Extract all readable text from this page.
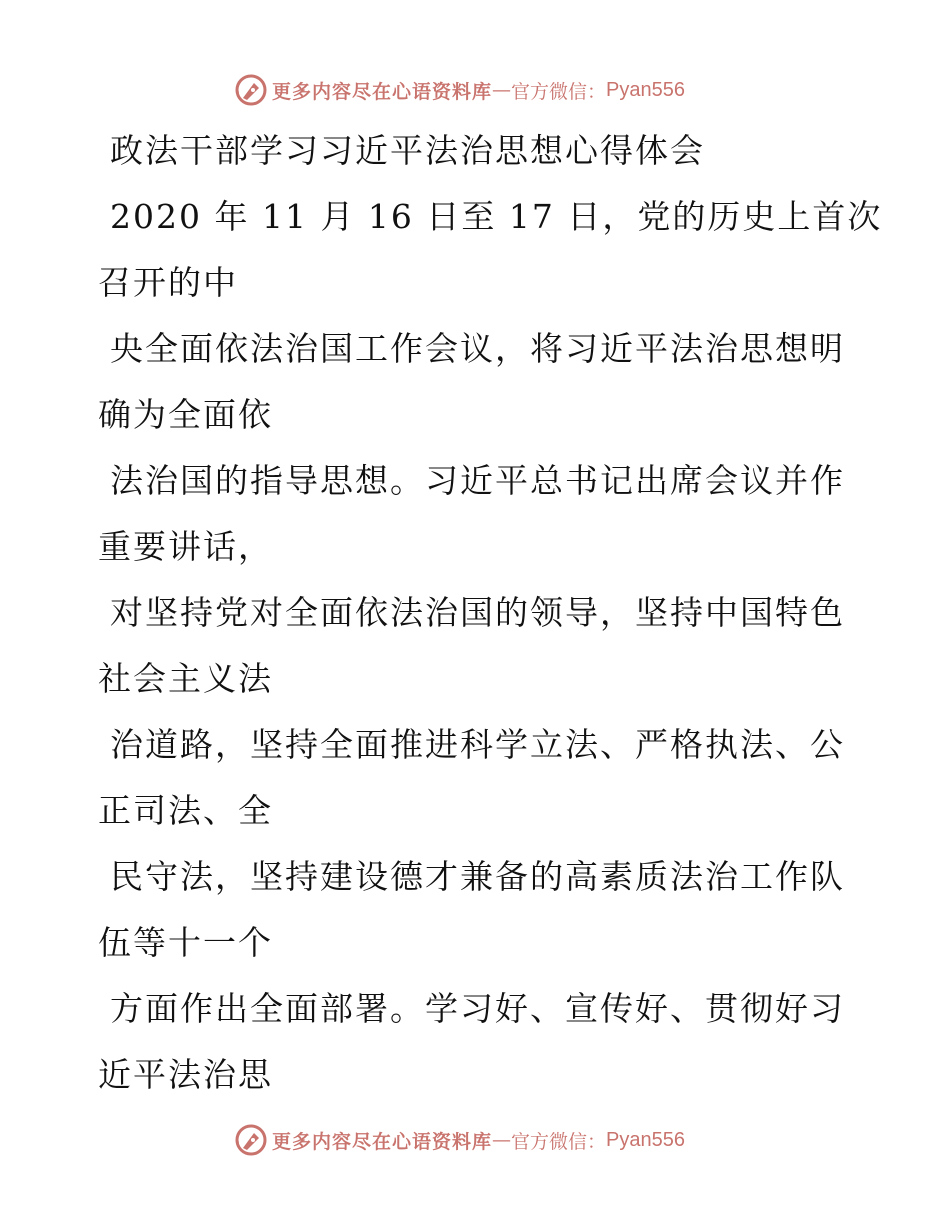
更多内容尽在心语资料库 — 官方微信： Pyan556
政法干部学习习近平法治思想心得体会
2020 年 11 月 16 日至 17 日，党的历史上首次
召开的中
央全面依法治国工作会议，将习近平法治思想明
确为全面依
法治国的指导思想。习近平总书记出席会议并作
重要讲话，
对坚持党对全面依法治国的领导，坚持中国特色
社会主义法
治道路，坚持全面推进科学立法、严格执法、公
正司法、全
民守法，坚持建设德才兼备的高素质法治工作队
伍等十一个
方面作出全面部署。学习好、宣传好、贯彻好习
近平法治思
更多内容尽在心语资料库 — 官方微信： Pyan556
